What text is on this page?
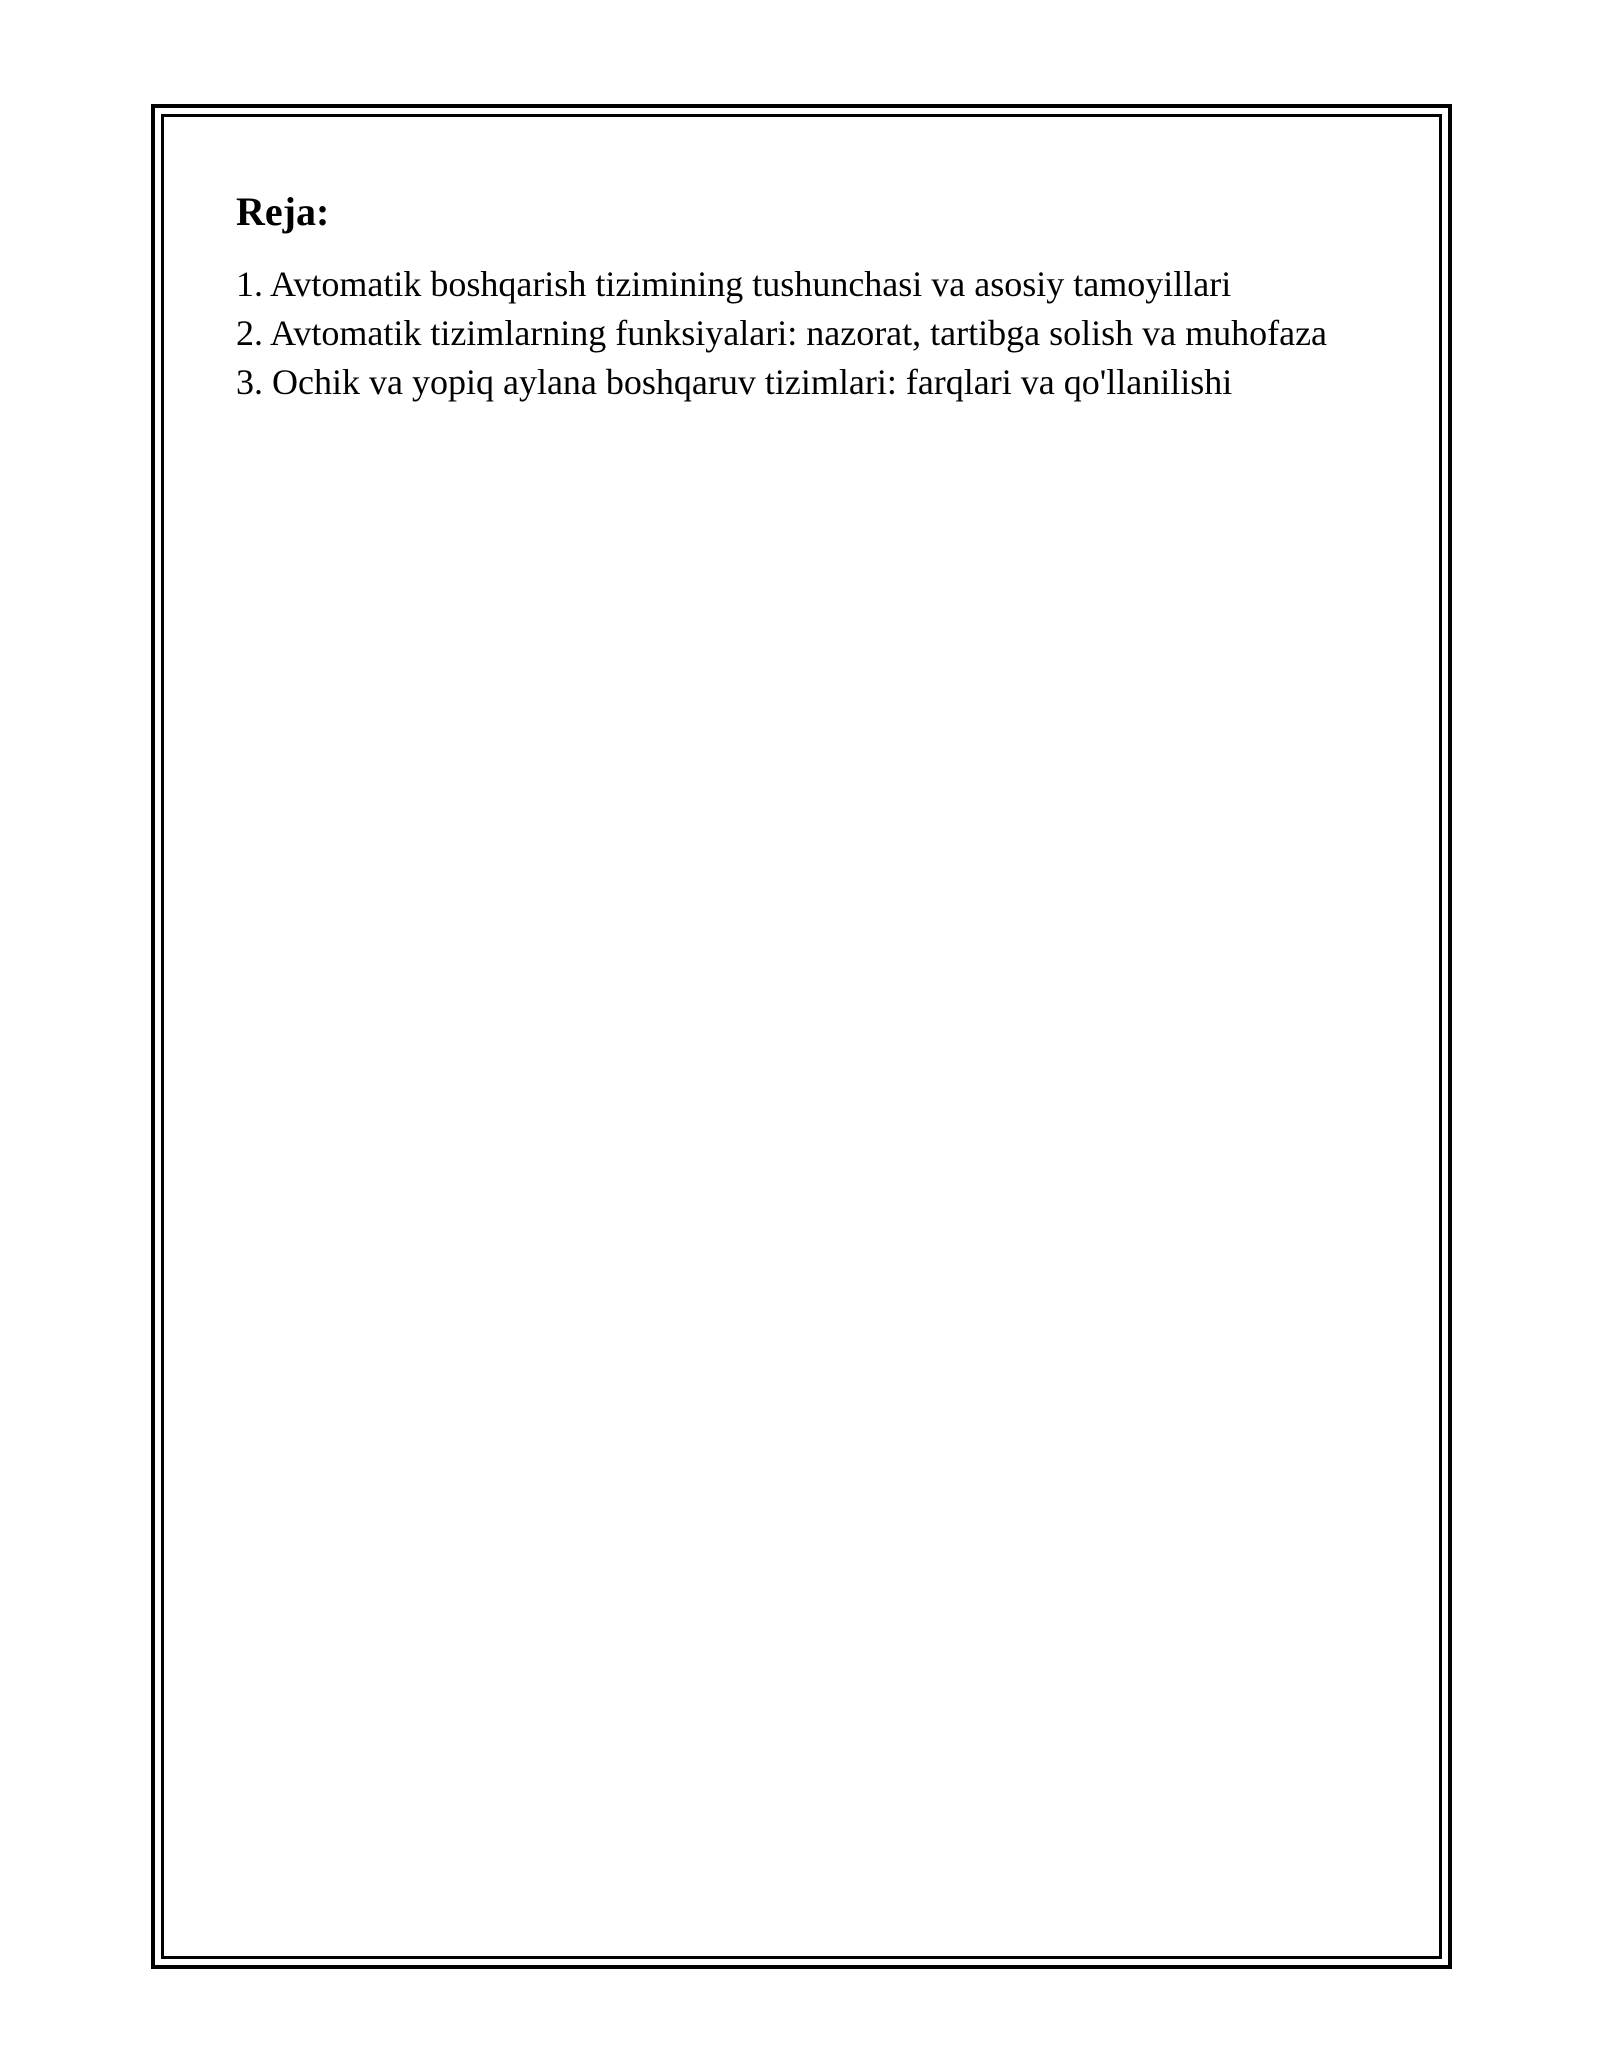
Reja:
1. Avtomatik boshqarish tizimining tushunchasi va asosiy tamoyillari
2. Avtomatik tizimlarning funksiyalari: nazorat, tartibga solish va muhofaza
3. Ochik va yopiq aylana boshqaruv tizimlari: farqlari va qo'llanilishi
